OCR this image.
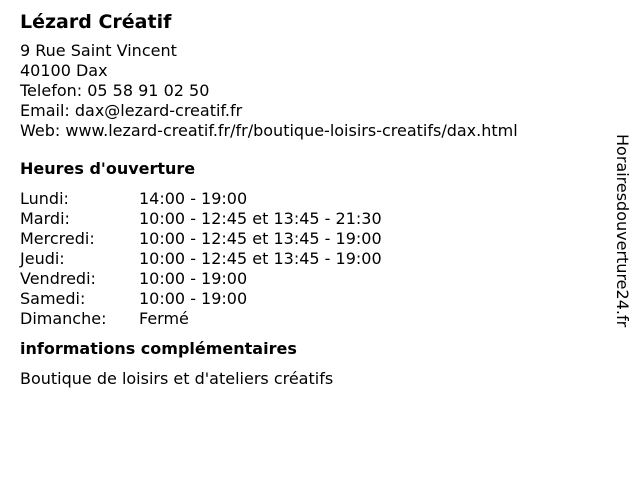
Lézard Créatif
9 Rue Saint Vincent
40100 Dax
Telefon: 05 58 91 02 50
Email: dax@lezard-creatif.fr
Web: www.lezard-creatif.fr/fr/boutique-loisirs-creatifs/dax.html
Heures d'ouverture
Lundi:	14:00 - 19:00
Mardi:	10:00 - 12:45 et 13:45 - 21:30
Mercredi:	10:00 - 12:45 et 13:45 - 19:00
Jeudi:	10:00 - 12:45 et 13:45 - 19:00
Vendredi:	10:00 - 19:00
Samedi:	10:00 - 19:00
Dimanche:	Fermé
informations complémentaires
Boutique de loisirs et d'ateliers créatifs
Horairesdouverture24.fr
